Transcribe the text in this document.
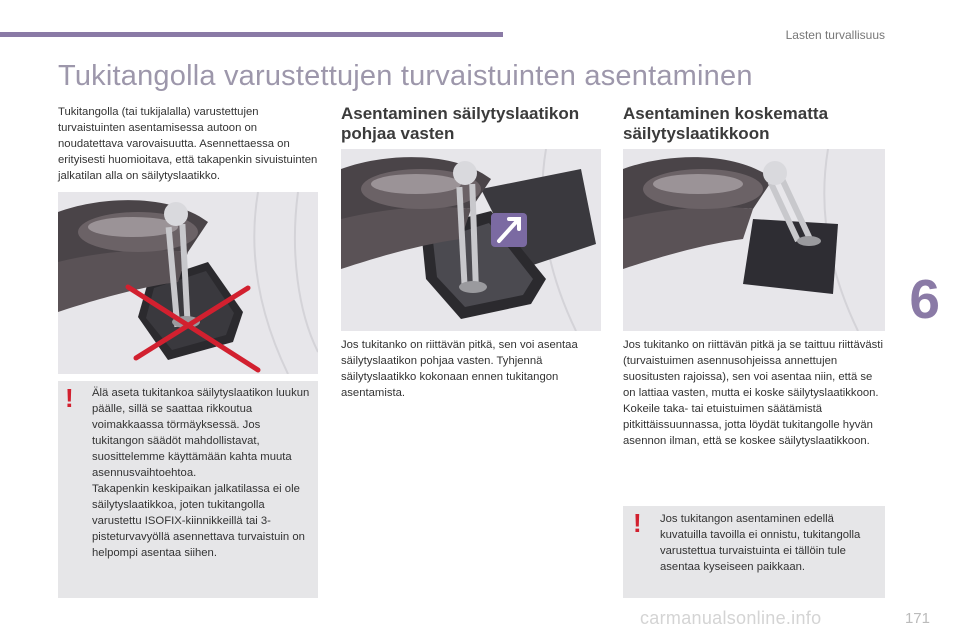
Lasten turvallisuus
Tukitangolla varustettujen turvaistuinten asentaminen
6

Tukitangolla (tai tukijalalla) varustettujen turvaistuinten asentamisessa autoon on noudatettava varovaisuutta. Asennettaessa on erityisesti huomioitava, että takapenkin sivuistuinten jalkatilan alla on säilytyslaatikko.

! Älä aseta tukitankoa säilytyslaatikon luukun päälle, sillä se saattaa rikkoutua voimakkaassa törmäyksessä. Jos tukitangon säädöt mahdollistavat, suosittelemme käyttämään kahta muuta asennusvaihtoehtoa.

Takapenkin keskipaikan jalkatilassa ei ole säilytyslaatikkoa, joten tukitangolla varustettu ISOFIX-kiinnikkeillä tai 3-pisteturvavyöllä asennettava turvaistuin on helpompi asentaa siihen.

Asentaminen säilytyslaatikon
pohjaa vasten

Jos tukitanko on riittävän pitkä, sen voi asentaa säilytyslaatikon pohjaa vasten. Tyhjennä säilytyslaatikko kokonaan ennen tukitangon asentamista.

Asentaminen koskematta
säilytyslaatikkoon

Jos tukitanko on riittävän pitkä ja se taittuu riittävästi (turvaistuimen asennusohjeissa annettujen suositusten rajoissa), sen voi asentaa niin, että se on lattiaa vasten, mutta ei koske säilytyslaatikkoon. Kokeile taka- tai etuistuimen säätämistä pitkittäissuunnassa, jotta löydät tukitangolle hyvän asennon ilman, että se koskee säilytyslaatikkoon.

! Jos tukitangon asentaminen edellä kuvatuilla tavoilla ei onnistu, tukitangolla varustettua turvaistuinta ei tällöin tule asentaa kyseiseen paikkaan.

carmanualsonline.info	171
